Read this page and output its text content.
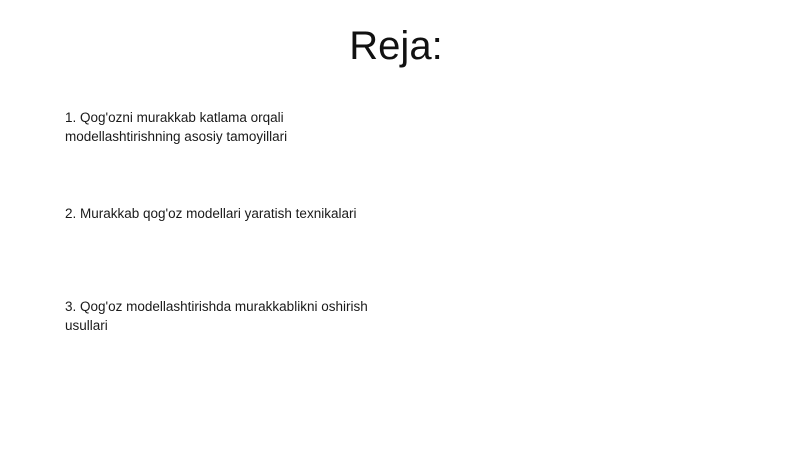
Reja:
1. Qog'ozni murakkab katlama orqali modellashtirishning asosiy tamoyillari
2. Murakkab qog'oz modellari yaratish texnikalari
3. Qog'oz modellashtirishda murakkablikni oshirish usullari
